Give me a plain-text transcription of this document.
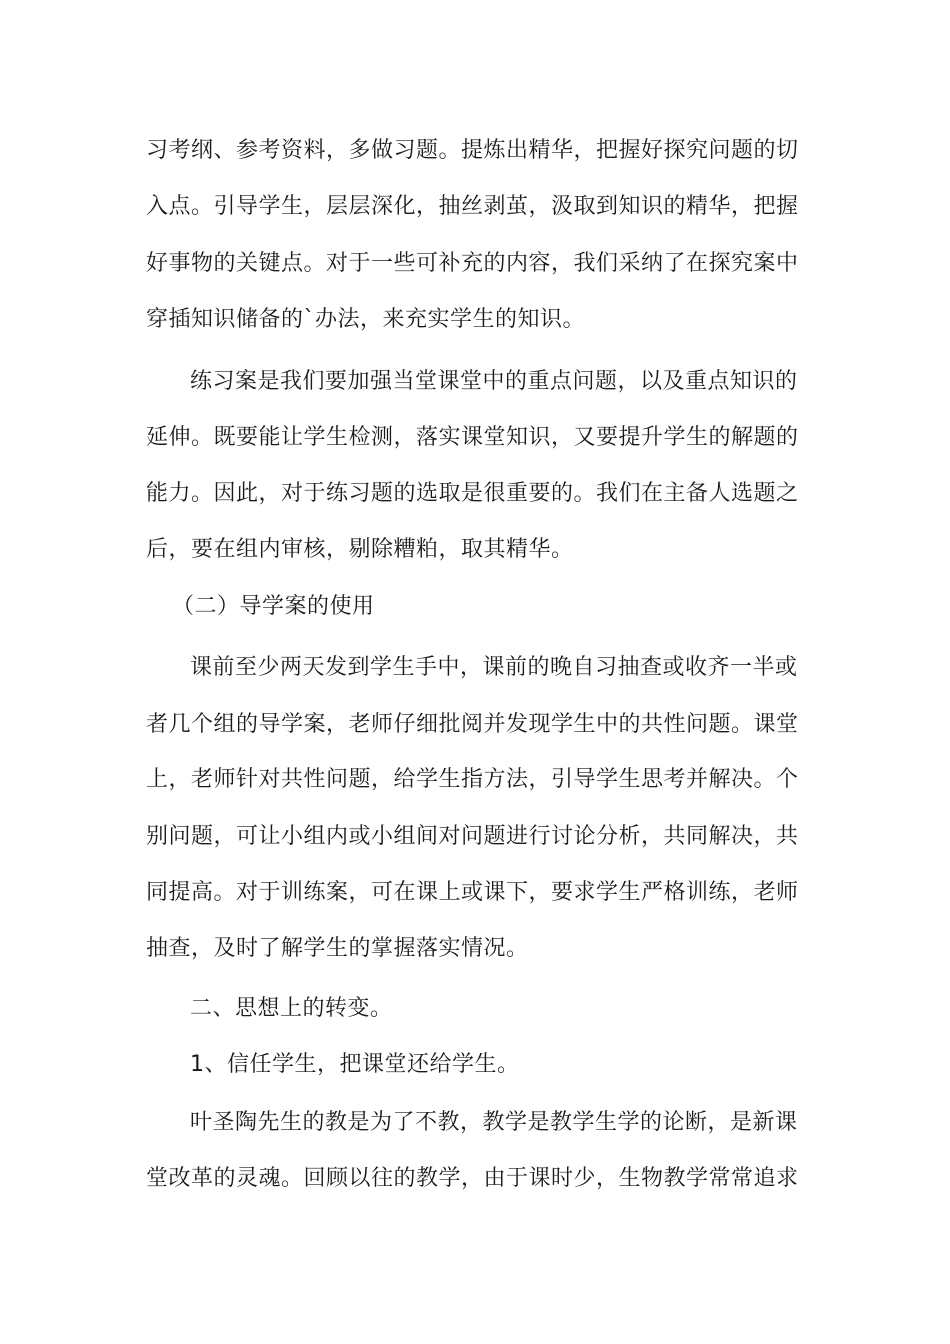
习考纲、参考资料，多做习题。提炼出精华，把握好探究问题的切
入点。引导学生，层层深化，抽丝剥茧，汲取到知识的精华，把握
好事物的关键点。对于一些可补充的内容，我们采纳了在探究案中
穿插知识储备的`办法，来充实学生的知识。
练习案是我们要加强当堂课堂中的重点问题，以及重点知识的
延伸。既要能让学生检测，落实课堂知识，又要提升学生的解题的
能力。因此，对于练习题的选取是很重要的。我们在主备人选题之
后，要在组内审核，剔除糟粕，取其精华。
（二）导学案的使用
课前至少两天发到学生手中，课前的晚自习抽查或收齐一半或
者几个组的导学案，老师仔细批阅并发现学生中的共性问题。课堂
上，老师针对共性问题，给学生指方法，引导学生思考并解决。个
别问题，可让小组内或小组间对问题进行讨论分析，共同解决，共
同提高。对于训练案，可在课上或课下，要求学生严格训练，老师
抽查，及时了解学生的掌握落实情况。
二、思想上的转变。
1、信任学生，把课堂还给学生。
叶圣陶先生的教是为了不教，教学是教学生学的论断，是新课
堂改革的灵魂。回顾以往的教学，由于课时少，生物教学常常追求
